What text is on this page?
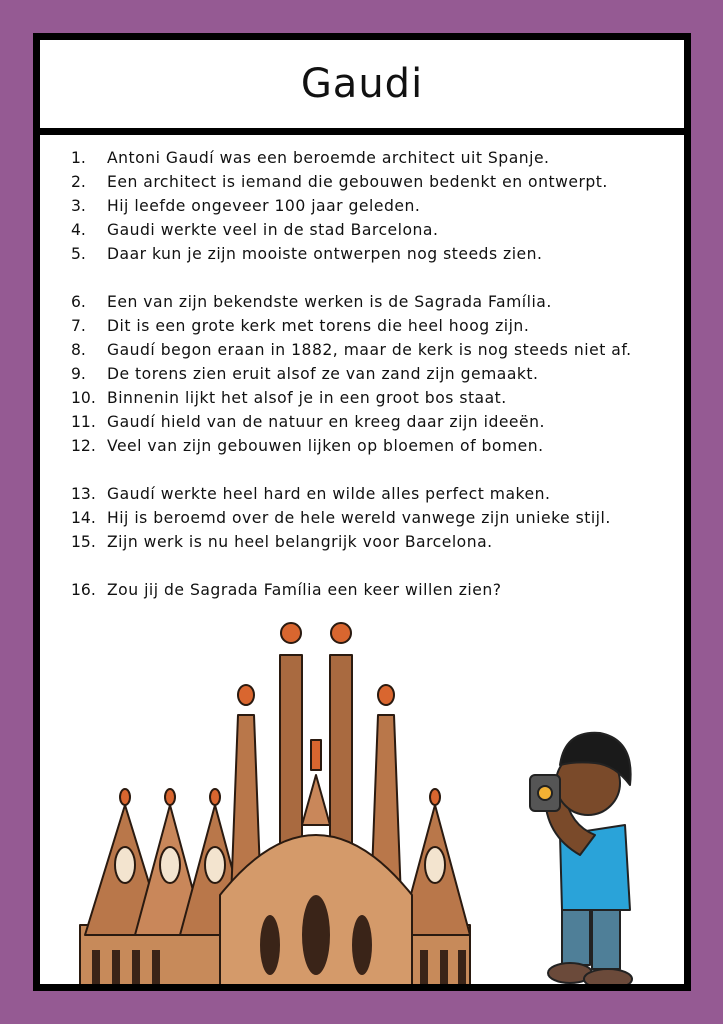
Gaudi
1.	Antoni Gaudí was een beroemde architect uit Spanje.
2.	Een architect is iemand die gebouwen bedenkt en ontwerpt.
3.	Hij leefde ongeveer 100 jaar geleden.
4.	Gaudi werkte veel in de stad Barcelona.
5.	Daar kun je zijn mooiste ontwerpen nog steeds zien.
6.	Een van zijn bekendste werken is de Sagrada Família.
7.	Dit is een grote kerk met torens die heel hoog zijn.
8.	Gaudí begon eraan in 1882, maar de kerk is nog steeds niet af.
9.	De torens zien eruit alsof ze van zand zijn gemaakt.
10. Binnenin lijkt het alsof je in een groot bos staat.
11. Gaudí hield van de natuur en kreeg daar zijn ideeën.
12. Veel van zijn gebouwen lijken op bloemen of bomen.
13. Gaudí werkte heel hard en wilde alles perfect maken.
14. Hij is beroemd over de hele wereld vanwege zijn unieke stijl.
15. Zijn werk is nu heel belangrijk voor Barcelona.
16. Zou jij de Sagrada Família een keer willen zien?
